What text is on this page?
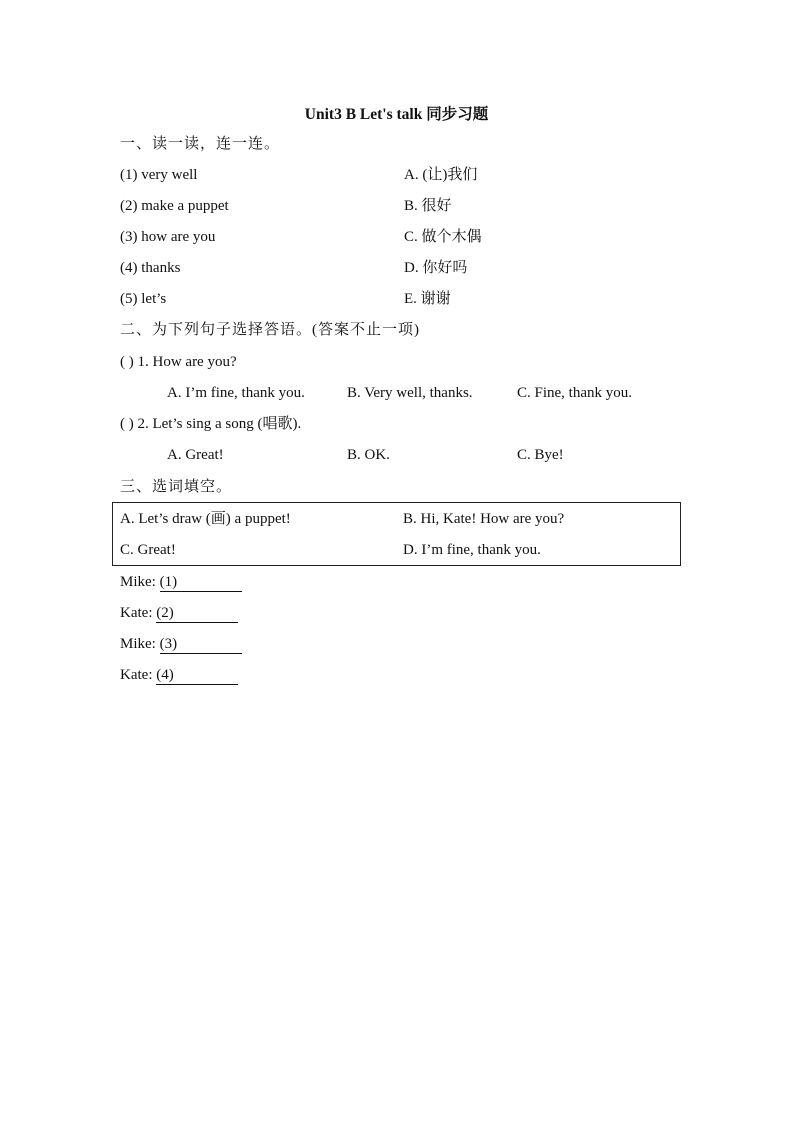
Unit3 B Let's talk 同步习题
一、读一读，连一连。
(1) very well	A. (让)我们
(2) make a puppet	B. 很好
(3) how are you	C. 做个木偶
(4) thanks	D. 你好吗
(5) let’s	E. 谢谢
二、为下列句子选择答语。(答案不止一项)
( ) 1. How are you?
A. I’m fine, thank you.	B. Very well, thanks.	C. Fine, thank you.
( ) 2. Let’s sing a song (唱歌).
A. Great!	B. OK.	C. Bye!
三、选词填空。
A. Let’s draw (画) a puppet!	B. Hi, Kate! How are you?
C. Great!	D. I’m fine, thank you.
Mike: (1)
Kate: (2)
Mike: (3)
Kate: (4)
